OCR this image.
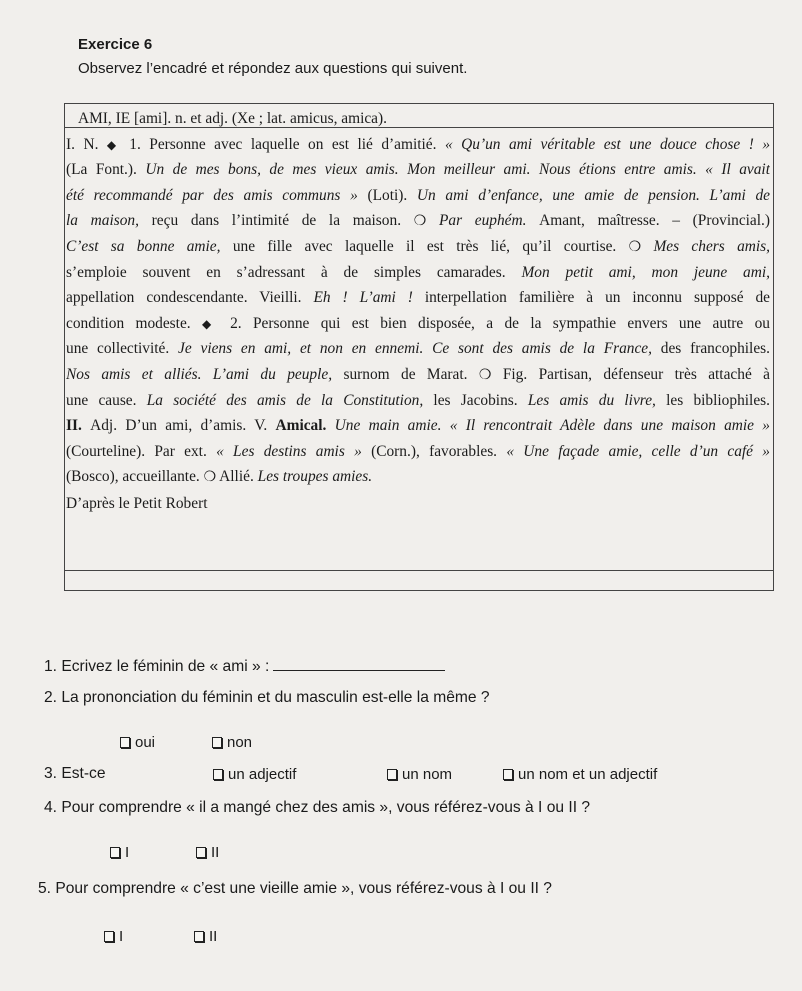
Exercice 6
Observez l’encadré et répondez aux questions qui suivent.
AMI, IE [ami]. n. et adj. (Xe ; lat. amicus, amica).
I. N. ◆ 1. Personne avec laquelle on est lié d’amitié. « Qu’un ami véritable est une douce chose ! »
(La Font.). Un de mes bons, de mes vieux amis. Mon meilleur ami. Nous étions entre amis. « Il avait
été recommandé par des amis communs » (Loti). Un ami d’enfance, une amie de pension. L’ami de
la maison, reçu dans l’intimité de la maison. ❍ Par euphém. Amant, maîtresse. – (Provincial.)
C’est sa bonne amie, une fille avec laquelle il est très lié, qu’il courtise. ❍ Mes chers amis,
s’emploie souvent en s’adressant à de simples camarades. Mon petit ami, mon jeune ami,
appellation condescendante. Vieilli. Eh ! L’ami ! interpellation familière à un inconnu supposé de
condition modeste. ◆ 2. Personne qui est bien disposée, a de la sympathie envers une autre ou
une collectivité. Je viens en ami, et non en ennemi. Ce sont des amis de la France, des francophiles.
Nos amis et alliés. L’ami du peuple, surnom de Marat. ❍ Fig. Partisan, défenseur très attaché à
une cause. La société des amis de la Constitution, les Jacobins. Les amis du livre, les bibliophiles.
II. Adj. D’un ami, d’amis. V. Amical. Une main amie. « Il rencontrait Adèle dans une maison amie »
(Courteline). Par ext. « Les destins amis » (Corn.), favorables. « Une façade amie, celle d’un café »
(Bosco), accueillante. ❍ Allié. Les troupes amies.
D’après le Petit Robert
1. Ecrivez le féminin de « ami » :
2. La prononciation du féminin et du masculin est-elle la même ?
oui	non
3. Est-ce	un adjectif	un nom	un nom et un adjectif
4. Pour comprendre « il a mangé chez des amis », vous référez-vous à I ou II ?
I	II
5. Pour comprendre « c’est une vieille amie », vous référez-vous à I ou II ?
I	II
